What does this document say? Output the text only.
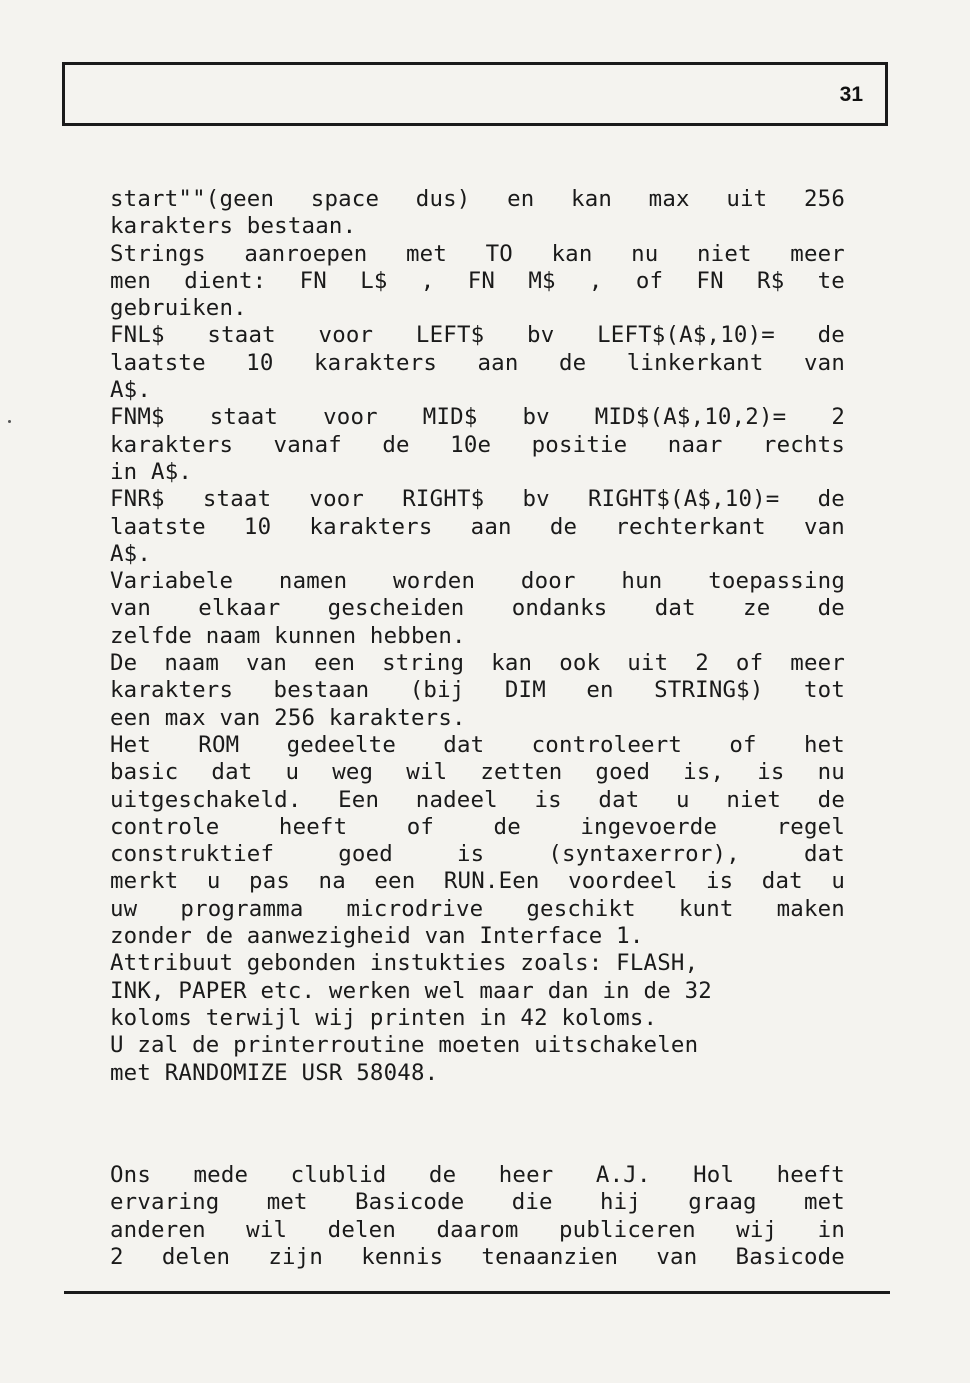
31
start""(geen space dus) en kan max uit 256
karakters bestaan.
Strings aanroepen met TO kan nu niet meer
men dient: FN L$ , FN M$ , of FN R$ te
gebruiken.
FNL$ staat voor LEFT$ bv LEFT$(A$,10)= de
laatste 10 karakters aan de linkerkant van
A$.
FNM$ staat voor MID$ bv MID$(A$,10,2)= 2
karakters vanaf de 10e positie naar rechts
in A$.
FNR$ staat voor RIGHT$ bv RIGHT$(A$,10)= de
laatste 10 karakters aan de rechterkant van
A$.
Variabele namen worden door hun toepassing
van elkaar gescheiden ondanks dat ze de
zelfde naam kunnen hebben.
De naam van een string kan ook uit 2 of meer
karakters bestaan (bij DIM en STRING$) tot
een max van 256 karakters.
Het ROM gedeelte dat controleert of het
basic dat u weg wil zetten goed is, is nu
uitgeschakeld. Een nadeel is dat u niet de
controle heeft of de ingevoerde regel
construktief goed is (syntaxerror), dat
merkt u pas na een RUN.Een voordeel is dat u
uw programma microdrive geschikt kunt maken
zonder de aanwezigheid van Interface 1.
Attribuut gebonden instukties zoals: FLASH,
INK, PAPER etc. werken wel maar dan in de 32
koloms terwijl wij printen in 42 koloms.
U zal de printerroutine moeten uitschakelen
met RANDOMIZE USR 58048.
Ons mede clublid de heer A.J. Hol heeft
ervaring met Basicode die hij graag met
anderen wil delen daarom publiceren wij in
2 delen zijn kennis tenaanzien van Basicode
